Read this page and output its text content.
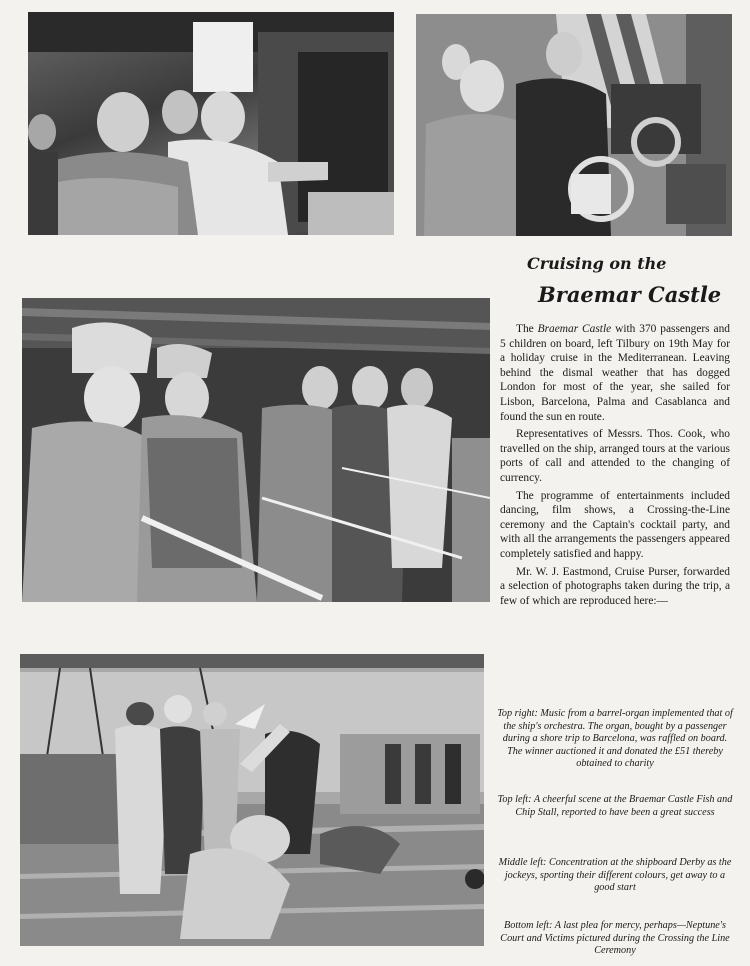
Cruising on the
Braemar Castle

The Braemar Castle with 370 passengers and 5 children on board, left Tilbury on 19th May for a holiday cruise in the Mediterranean. Leaving behind the dismal weather that has dogged London for most of the year, she sailed for Lisbon, Barcelona, Palma and Casablanca and found the sun en route.

Representatives of Messrs. Thos. Cook, who travelled on the ship, arranged tours at the various ports of call and attended to the changing of currency.

The programme of entertainments included dancing, film shows, a Crossing-the-Line ceremony and the Captain's cocktail party, and with all the arrangements the passengers appeared completely satisfied and happy.

Mr. W. J. Eastmond, Cruise Purser, forwarded a selection of photographs taken during the trip, a few of which are reproduced here:—

Top right: Music from a barrel-organ implemented that of the ship's orchestra. The organ, bought by a passenger during a shore trip to Barcelona, was raffled on board. The winner auctioned it and donated the £51 thereby obtained to charity
Top left: A cheerful scene at the Braemar Castle Fish and Chip Stall, reported to have been a great success
Middle left: Concentration at the shipboard Derby as the jockeys, sporting their different colours, get away to a good start
Bottom left: A last plea for mercy, perhaps—Neptune's Court and Victims pictured during the Crossing the Line Ceremony
